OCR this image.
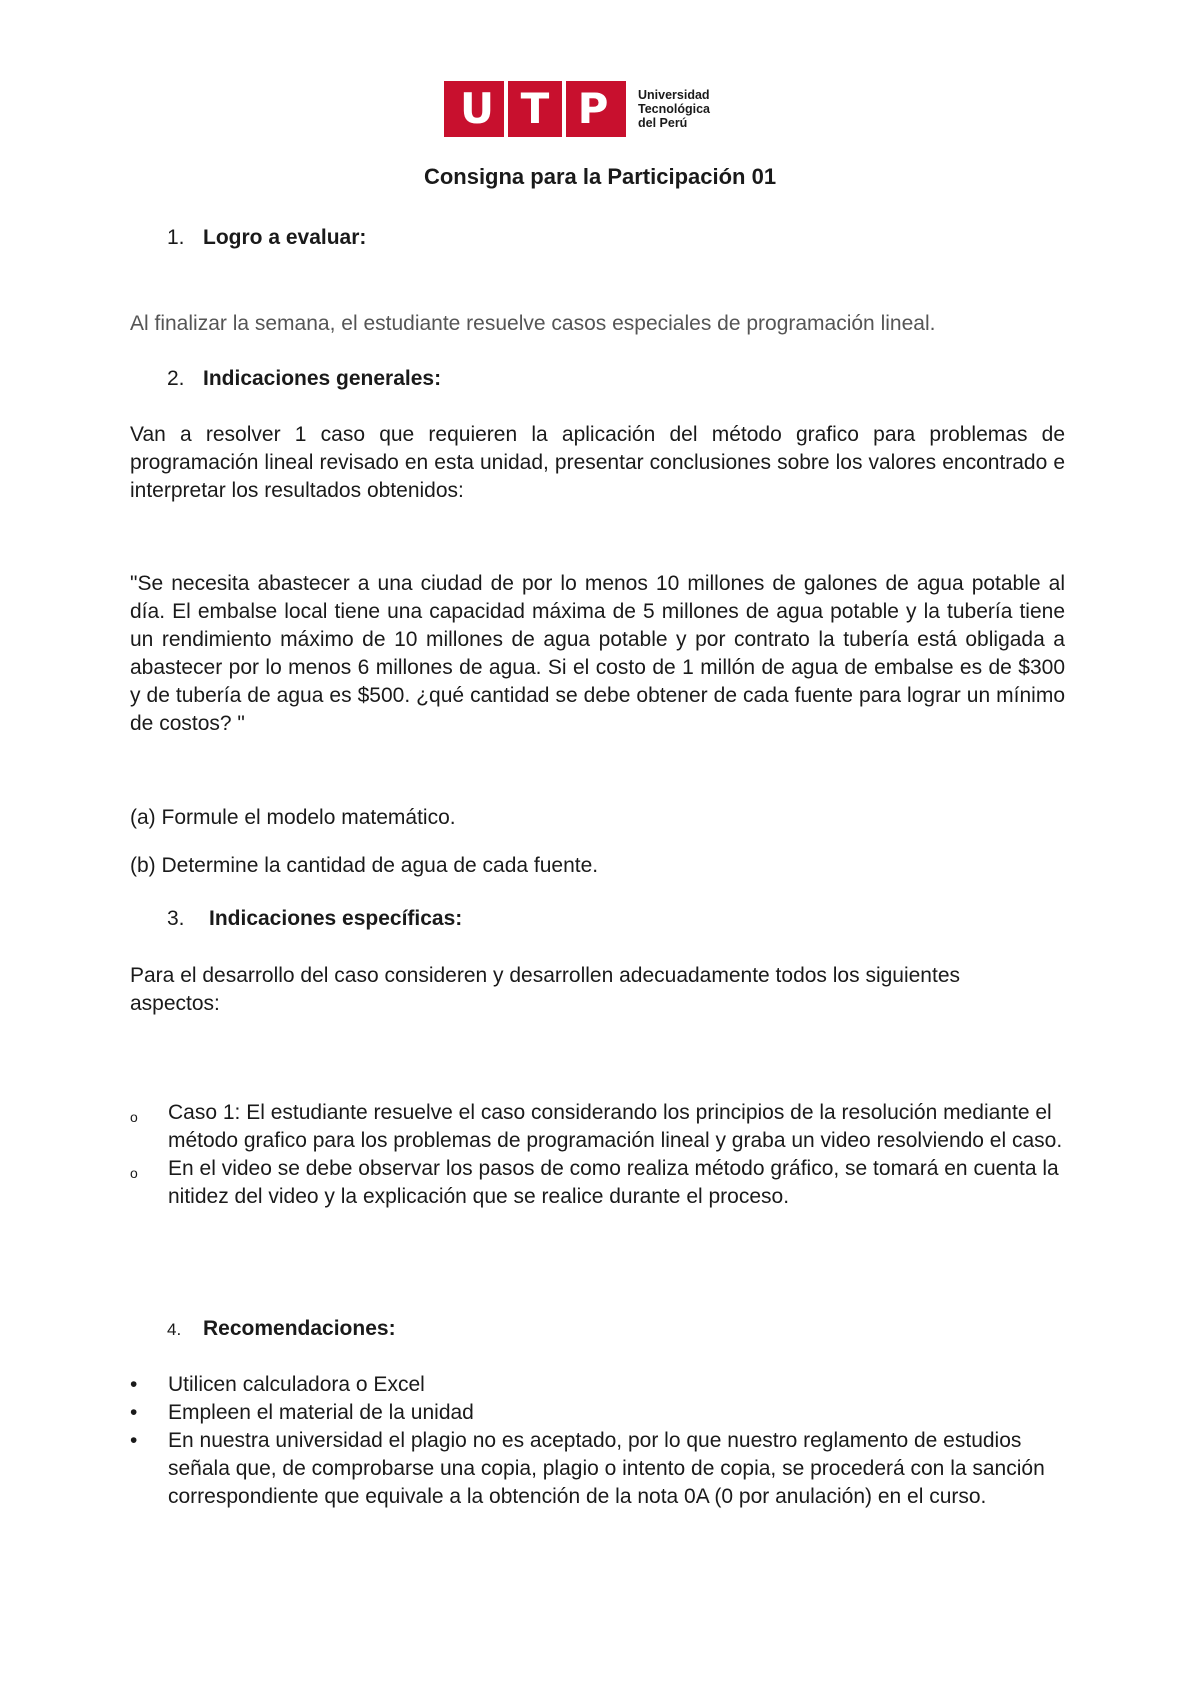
U T P	Universidad
Tecnológica
del Perú
Consigna para la Participación 01
1. Logro a evaluar:
Al finalizar la semana, el estudiante resuelve casos especiales de programación lineal.
2. Indicaciones generales:
Van a resolver 1 caso que requieren la aplicación del método grafico para problemas de programación lineal revisado en esta unidad, presentar conclusiones sobre los valores encontrado e interpretar los resultados obtenidos:
"Se necesita abastecer a una ciudad de por lo menos 10 millones de galones de agua potable al día. El embalse local tiene una capacidad máxima de 5 millones de agua potable y la tubería tiene un rendimiento máximo de 10 millones de agua potable y por contrato la tubería está obligada a abastecer por lo menos 6 millones de agua. Si el costo de 1 millón de agua de embalse es de $300 y de tubería de agua es $500. ¿qué cantidad se debe obtener de cada fuente para lograr un mínimo de costos? "
(a) Formule el modelo matemático.
(b) Determine la cantidad de agua de cada fuente.
3. Indicaciones específicas:
Para el desarrollo del caso consideren y desarrollen adecuadamente todos los siguientes aspectos:
o Caso 1: El estudiante resuelve el caso considerando los principios de la resolución mediante el método grafico para los problemas de programación lineal y graba un video resolviendo el caso.
o En el video se debe observar los pasos de como realiza método gráfico, se tomará en cuenta la nitidez del video y la explicación que se realice durante el proceso.
4. Recomendaciones:
• Utilicen calculadora o Excel
• Empleen el material de la unidad
• En nuestra universidad el plagio no es aceptado, por lo que nuestro reglamento de estudios señala que, de comprobarse una copia, plagio o intento de copia, se procederá con la sanción correspondiente que equivale a la obtención de la nota 0A (0 por anulación) en el curso.
